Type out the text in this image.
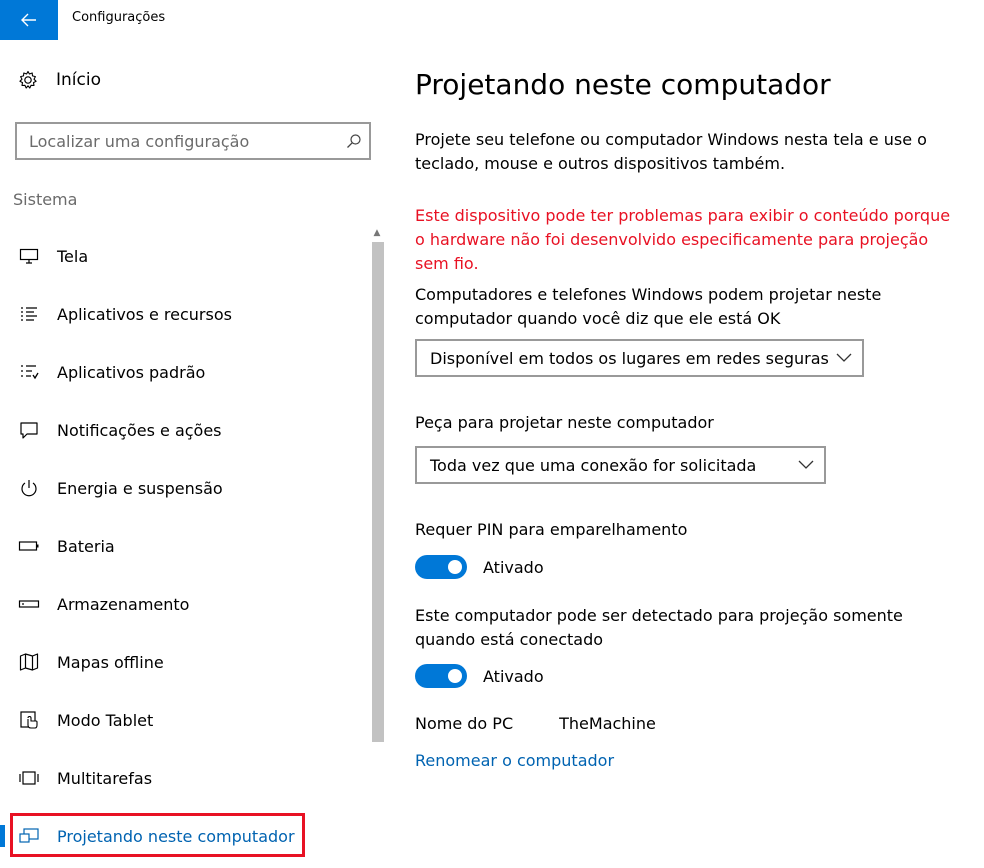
Configurações
Início
Localizar uma configuração
Sistema
Tela
Aplicativos e recursos
Aplicativos padrão
Notificações e ações
Energia e suspensão
Bateria
Armazenamento
Mapas offline
Modo Tablet
Multitarefas
Projetando neste computador
▲
Projetando neste computador

Projete seu telefone ou computador Windows nesta tela e use o teclado, mouse e outros dispositivos também.

Este dispositivo pode ter problemas para exibir o conteúdo porque o hardware não foi desenvolvido especificamente para projeção sem fio.

Computadores e telefones Windows podem projetar neste computador quando você diz que ele está OK

Disponível em todos os lugares em redes seguras

Peça para projetar neste computador

Toda vez que uma conexão for solicitada

Requer PIN para emparelhamento

Ativado

Este computador pode ser detectado para projeção somente quando está conectado

Ativado
Nome do PC	TheMachine
Renomear o computador
